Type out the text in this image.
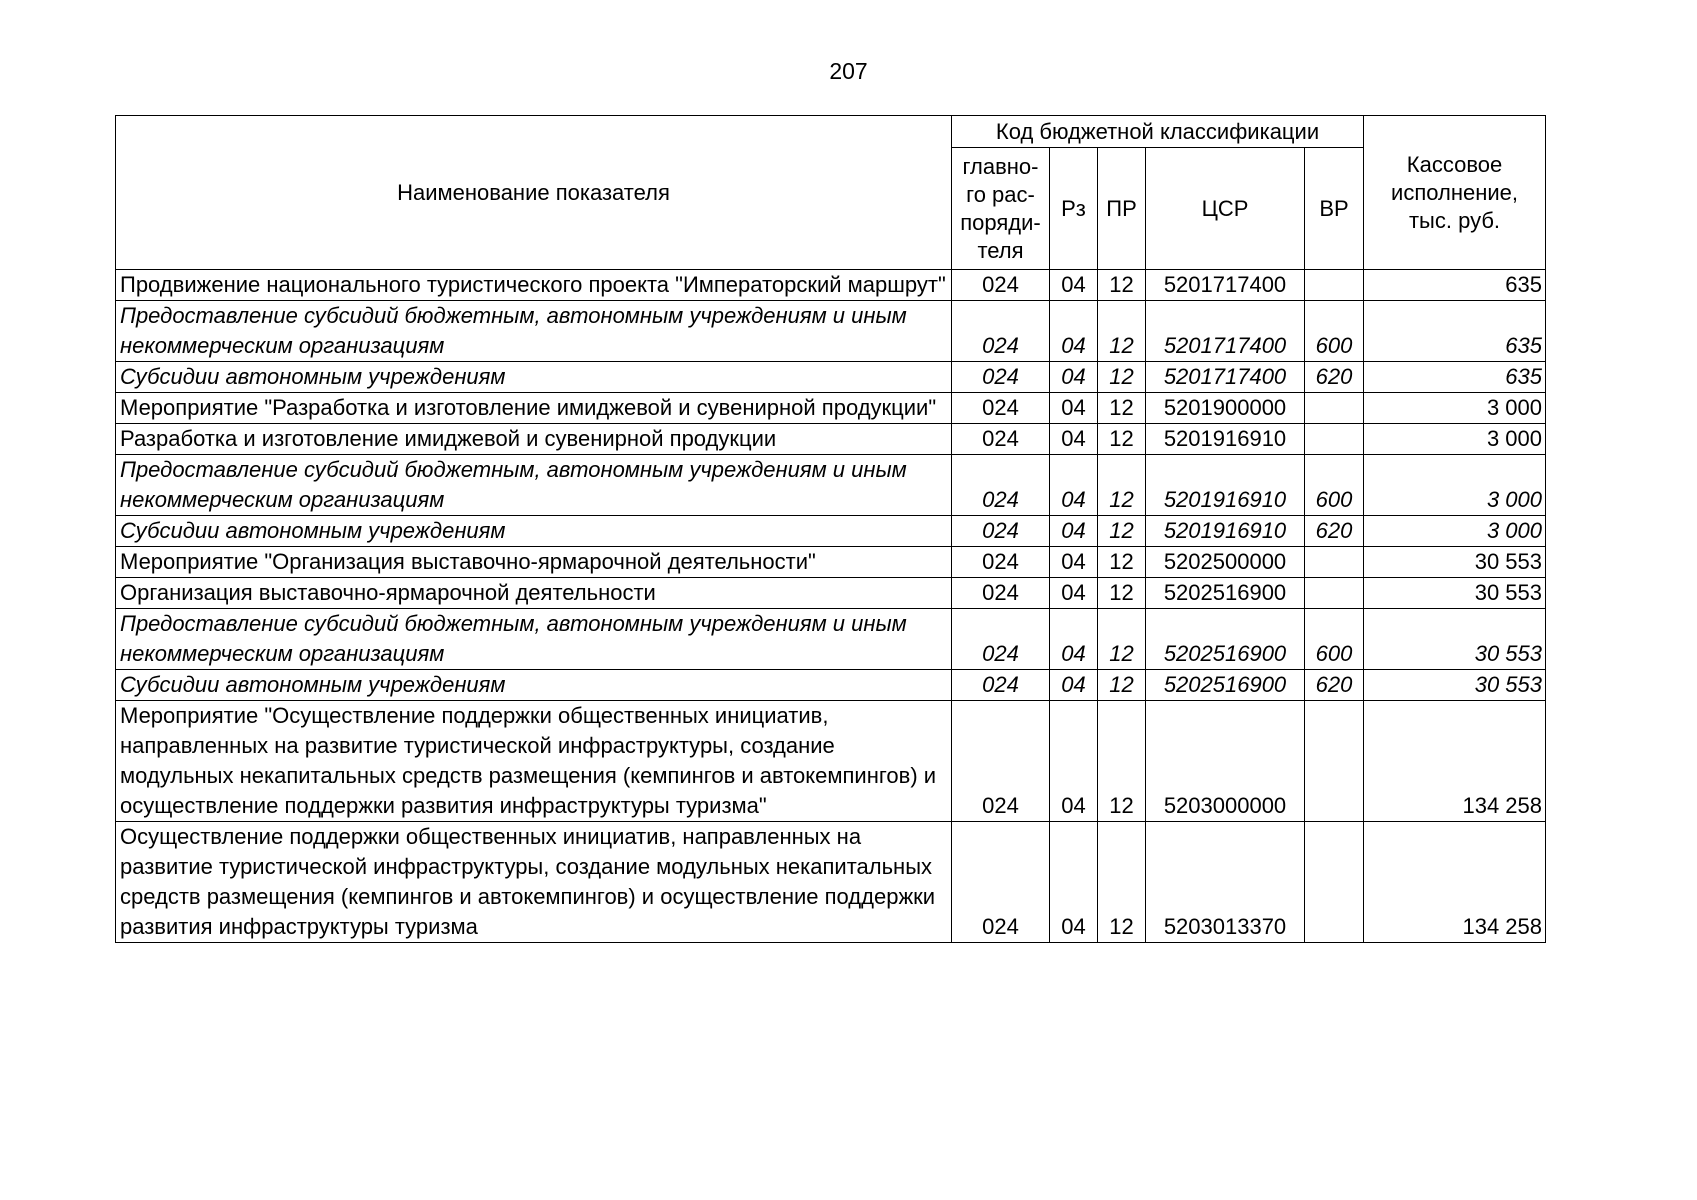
207
Наименование показателя	Код бюджетной классификации					Кассовое исполнение, тыс. руб.
	главно-го рас-поряди-теля	Рз	ПР	ЦСР	ВР	
Продвижение национального туристического проекта "Императорский маршрут"	024	04	12	5201717400		635
Предоставление субсидий бюджетным, автономным учреждениям и иным некоммерческим организациям	024	04	12	5201717400	600	635
Субсидии автономным учреждениям	024	04	12	5201717400	620	635
Мероприятие "Разработка и изготовление имиджевой и сувенирной продукции"	024	04	12	5201900000		3 000
Разработка и изготовление имиджевой и сувенирной продукции	024	04	12	5201916910		3 000
Предоставление субсидий бюджетным, автономным учреждениям и иным некоммерческим организациям	024	04	12	5201916910	600	3 000
Субсидии автономным учреждениям	024	04	12	5201916910	620	3 000
Мероприятие "Организация выставочно-ярмарочной деятельности"	024	04	12	5202500000		30 553
Организация выставочно-ярмарочной деятельности	024	04	12	5202516900		30 553
Предоставление субсидий бюджетным, автономным учреждениям и иным некоммерческим организациям	024	04	12	5202516900	600	30 553
Субсидии автономным учреждениям	024	04	12	5202516900	620	30 553
Мероприятие "Осуществление поддержки общественных инициатив, направленных на развитие туристической инфраструктуры, создание модульных некапитальных средств размещения (кемпингов и автокемпингов) и осуществление поддержки развития инфраструктуры туризма"	024	04	12	5203000000		134 258
Осуществление поддержки общественных инициатив, направленных на развитие туристической инфраструктуры, создание модульных некапитальных средств размещения (кемпингов и автокемпингов) и осуществление поддержки развития инфраструктуры туризма	024	04	12	5203013370		134 258
